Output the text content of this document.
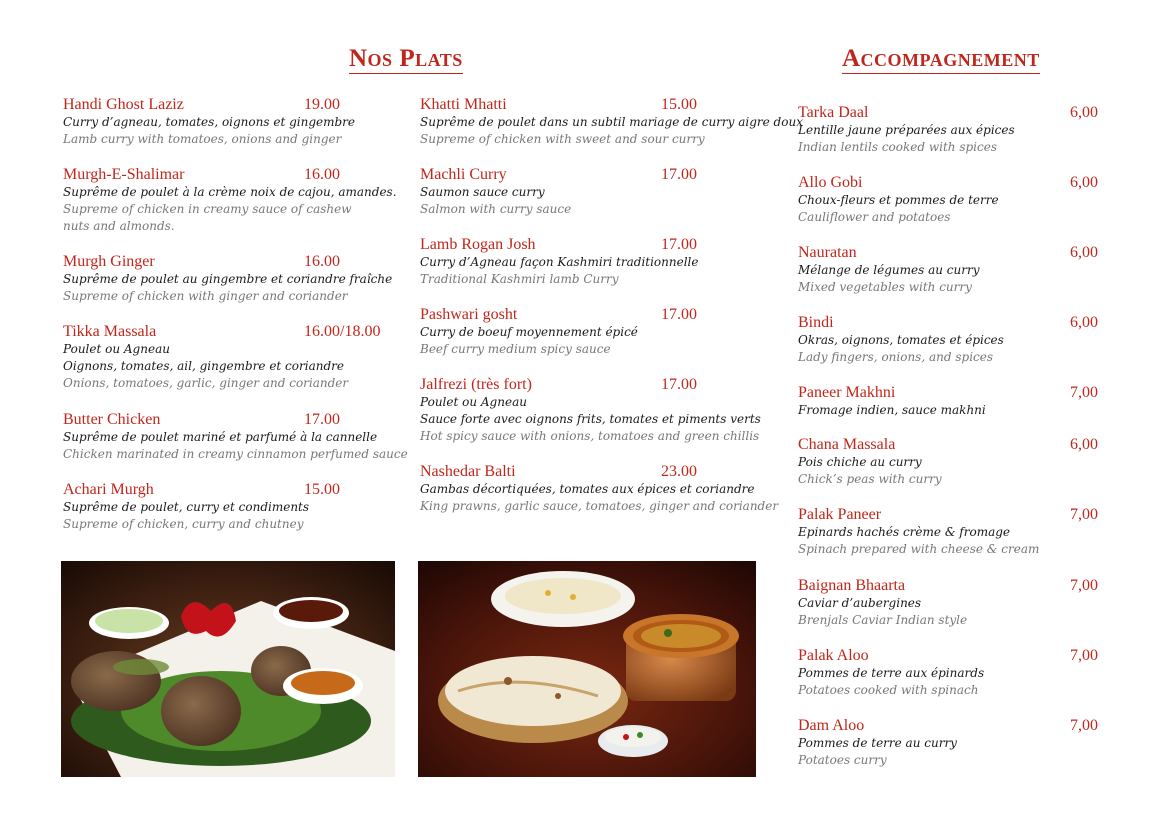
Nos Plats	Accompagnement
Handi Ghost Laziz	19.00
Curry d’agneau, tomates, oignons et gingembre
Lamb curry with tomatoes, onions and ginger
Murgh-E-Shalimar	16.00
Suprême de poulet à la crème noix de cajou, amandes.
Supreme of chicken in creamy sauce of cashew nuts and almonds.
Murgh Ginger	16.00
Suprême de poulet au gingembre et coriandre fraîche
Supreme of chicken with ginger and coriander
Tikka Massala	16.00/18.00
Poulet ou Agneau
Oignons, tomates, ail, gingembre et coriandre
Onions, tomatoes, garlic, ginger and coriander
Butter Chicken	17.00
Suprême de poulet mariné et parfumé à la cannelle
Chicken marinated in creamy cinnamon perfumed sauce
Achari Murgh	15.00
Suprême de poulet, curry et condiments
Supreme of chicken, curry and chutney
Khatti Mhatti	15.00
Suprême de poulet dans un subtil mariage de curry aigre doux
Supreme of chicken with sweet and sour curry
Machli Curry	17.00
Saumon sauce curry
Salmon with curry sauce
Lamb Rogan Josh	17.00
Curry d’Agneau façon Kashmiri traditionnelle
Traditional Kashmiri lamb Curry
Pashwari gosht	17.00
Curry de boeuf moyennement épicé
Beef curry medium spicy sauce
Jalfrezi (très fort)	17.00
Poulet ou Agneau
Sauce forte avec oignons frits, tomates et piments verts
Hot spicy sauce with onions, tomatoes and green chillis
Nashedar Balti	23.00
Gambas décortiquées, tomates aux épices et coriandre
King prawns, garlic sauce, tomatoes, ginger and coriander
Tarka Daal	6,00
Lentille jaune préparées aux épices
Indian lentils cooked with spices
Allo Gobi	6,00
Choux-fleurs et pommes de terre
Cauliflower and potatoes
Nauratan	6,00
Mélange de légumes au curry
Mixed vegetables with curry
Bindi	6,00
Okras, oignons, tomates et épices
Lady fingers, onions, and spices
Paneer Makhni	7,00
Fromage indien, sauce makhni
Chana Massala	6,00
Pois chiche au curry
Chick’s peas with curry
Palak Paneer	7,00
Epinards hachés crème & fromage
Spinach prepared with cheese & cream
Baignan Bhaarta	7,00
Caviar d’aubergines
Brenjals Caviar Indian style
Palak Aloo	7,00
Pommes de terre aux épinards
Potatoes cooked with spinach
Dam Aloo	7,00
Pommes de terre au curry
Potatoes curry
